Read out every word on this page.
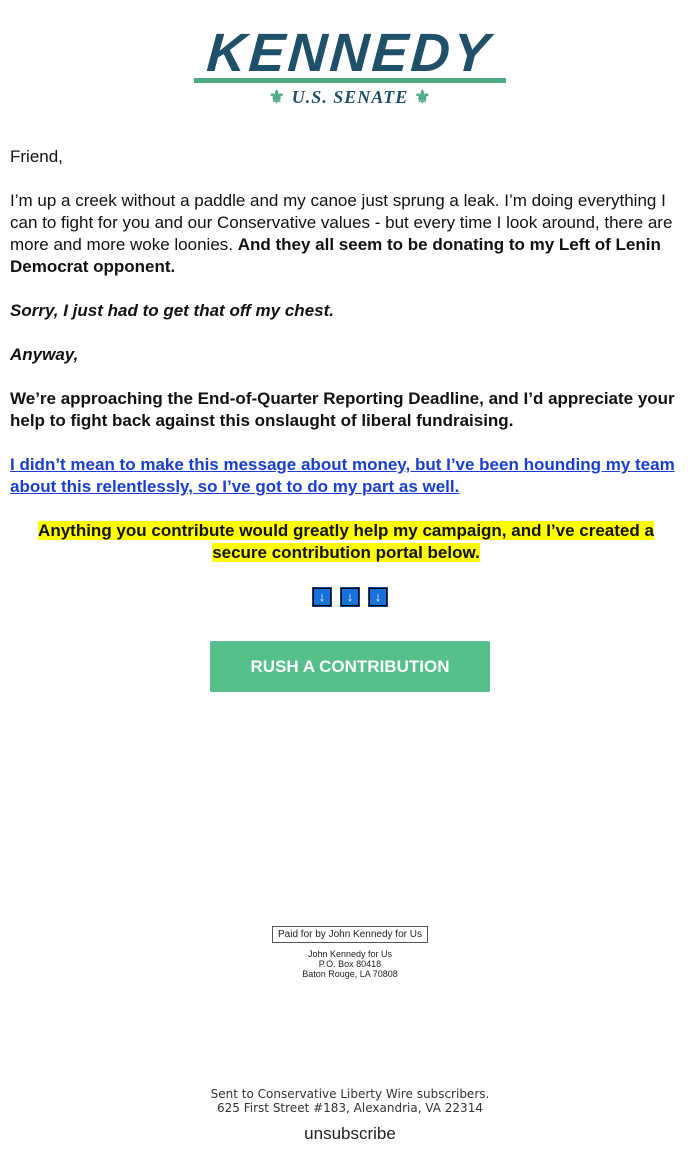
KENNEDY
⚜ U.S. SENATE ⚜

Friend,

I’m up a creek without a paddle and my canoe just sprung a leak. I’m doing everything I can to fight for you and our Conservative values - but every time I look around, there are more and more woke loonies. And they all seem to be donating to my Left of Lenin Democrat opponent.

Sorry, I just had to get that off my chest.

Anyway,

We’re approaching the End-of-Quarter Reporting Deadline, and I’d appreciate your help to fight back against this onslaught of liberal fundraising.

I didn’t mean to make this message about money, but I’ve been hounding my team about this relentlessly, so I’ve got to do my part as well.

Anything you contribute would greatly help my campaign, and I’ve created a secure contribution portal below.
↓ ↓ ↓
RUSH A CONTRIBUTION
Paid for by John Kennedy for Us
John Kennedy for Us
P.O. Box 80418
Baton Rouge, LA 70808
Sent to Conservative Liberty Wire subscribers.
625 First Street #183, Alexandria, VA 22314
unsubscribe
